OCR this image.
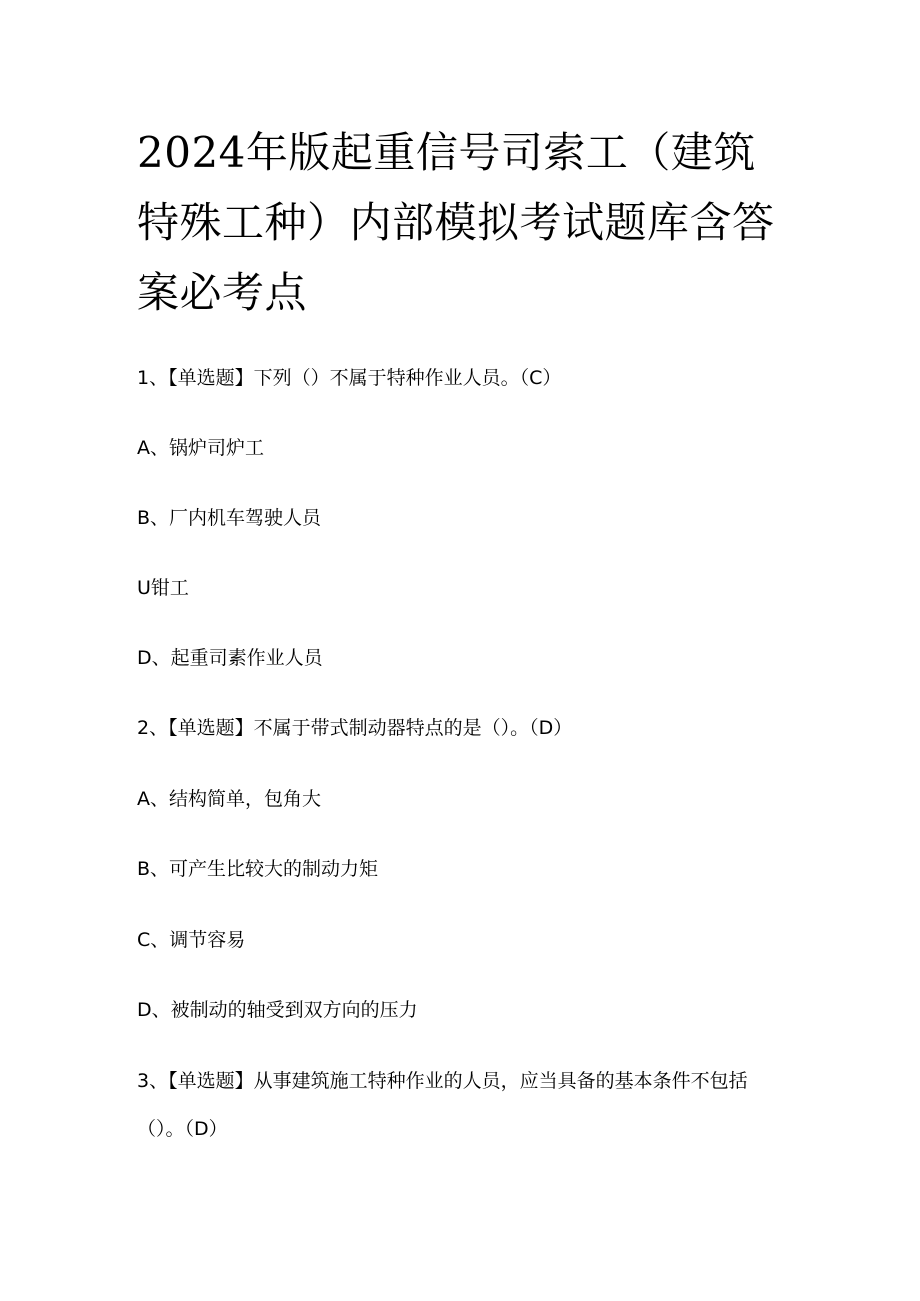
2024年版起重信号司索工（建筑特殊工种）内部模拟考试题库含答案必考点

1、【单选题】下列（）不属于特种作业人员。（C）

A、锅炉司炉工

B、厂内机车驾驶人员

U钳工

D、起重司素作业人员

2、【单选题】不属于带式制动器特点的是（）。（D）

A、结构简单，包角大

B、可产生比较大的制动力矩

C、调节容易

D、被制动的轴受到双方向的压力

3、【单选题】从事建筑施工特种作业的人员，应当具备的基本条件不包括（）。（D）
